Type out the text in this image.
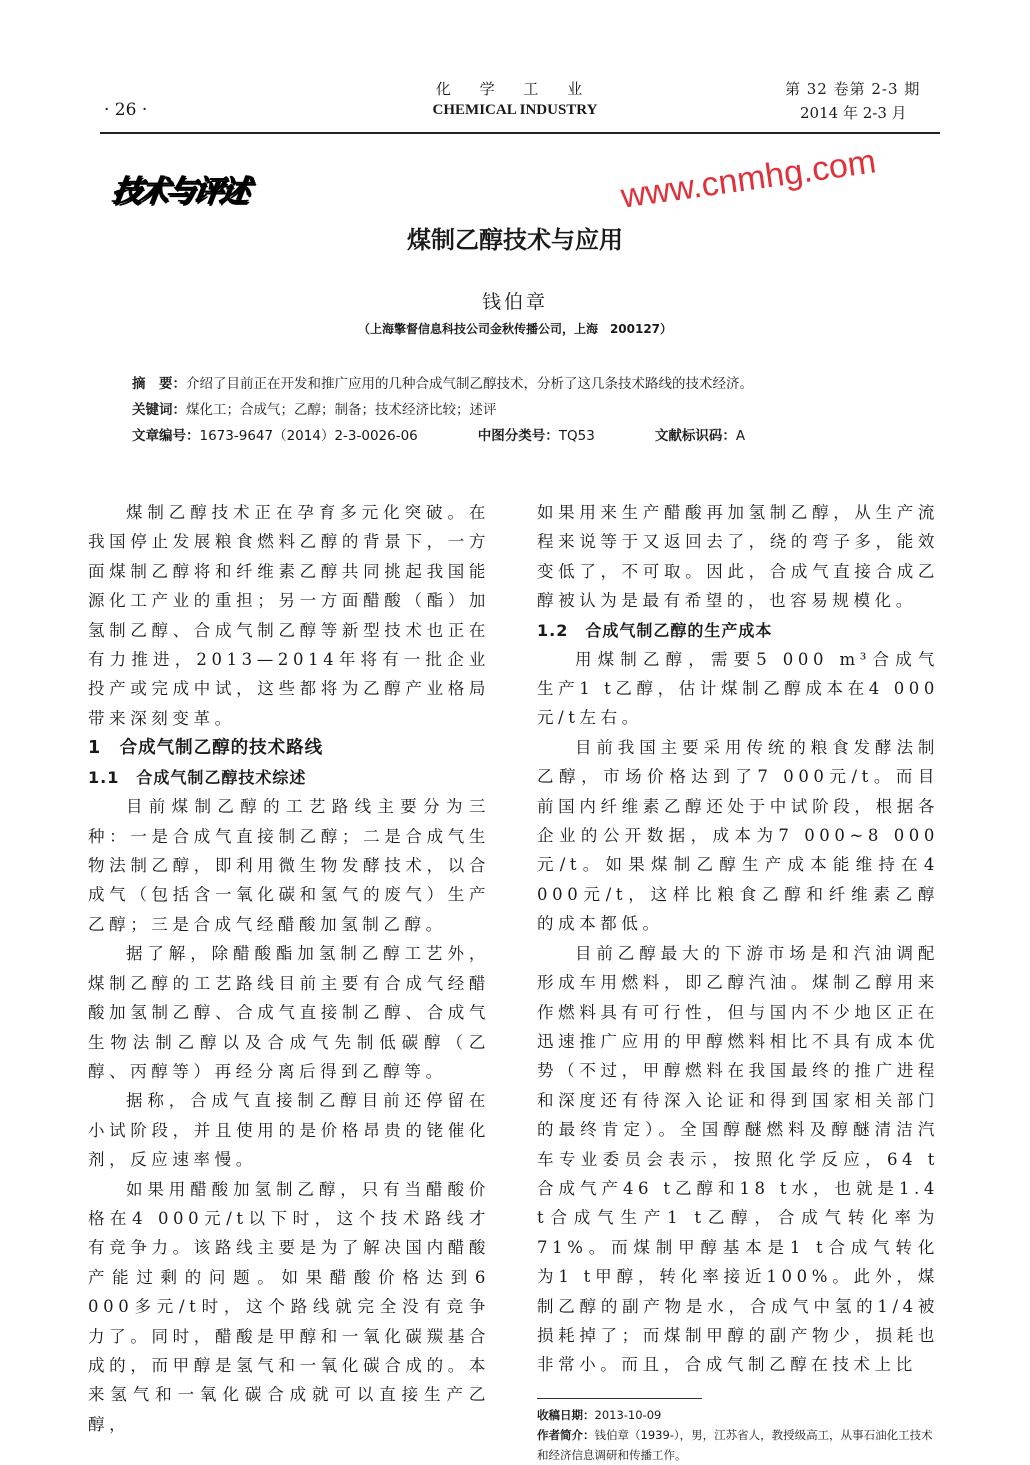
化 学 工 业
CHEMICAL INDUSTRY
· 26 ·
第 32 卷第 2-3 期
2014 年 2-3 月
技术与评述	www.cnmhg.com
煤制乙醇技术与应用
钱伯章
（上海擎督信息科技公司金秋传播公司，上海　200127）
摘　要：介绍了目前正在开发和推广应用的几种合成气制乙醇技术，分析了这几条技术路线的技术经济。
关键词：煤化工；合成气；乙醇；制备；技术经济比较；述评
文章编号：1673-9647（2014）2-3-0026-06	中图分类号：TQ53	文献标识码：A

煤制乙醇技术正在孕育多元化突破。在我国停止发展粮食燃料乙醇的背景下，一方面煤制乙醇将和纤维素乙醇共同挑起我国能源化工产业的重担；另一方面醋酸（酯）加氢制乙醇、合成气制乙醇等新型技术也正在有力推进，2013—2014年将有一批企业投产或完成中试，这些都将为乙醇产业格局带来深刻变革。

1　合成气制乙醇的技术路线
1.1　合成气制乙醇技术综述

目前煤制乙醇的工艺路线主要分为三种：一是合成气直接制乙醇；二是合成气生物法制乙醇，即利用微生物发酵技术，以合成气（包括含一氧化碳和氢气的废气）生产乙醇；三是合成气经醋酸加氢制乙醇。

据了解，除醋酸酯加氢制乙醇工艺外，煤制乙醇的工艺路线目前主要有合成气经醋酸加氢制乙醇、合成气直接制乙醇、合成气生物法制乙醇以及合成气先制低碳醇（乙醇、丙醇等）再经分离后得到乙醇等。

据称，合成气直接制乙醇目前还停留在小试阶段，并且使用的是价格昂贵的铑催化剂，反应速率慢。

如果用醋酸加氢制乙醇，只有当醋酸价格在4 000元/t以下时，这个技术路线才有竞争力。该路线主要是为了解决国内醋酸产能过剩的问题。如果醋酸价格达到6 000多元/t时，这个路线就完全没有竞争力了。同时，醋酸是甲醇和一氧化碳羰基合成的，而甲醇是氢气和一氧化碳合成的。本来氢气和一氧化碳合成就可以直接生产乙醇，

如果用来生产醋酸再加氢制乙醇，从生产流程来说等于又返回去了，绕的弯子多，能效变低了，不可取。因此，合成气直接合成乙醇被认为是最有希望的，也容易规模化。

1.2　合成气制乙醇的生产成本

用煤制乙醇，需要5 000 m³合成气生产1 t乙醇，估计煤制乙醇成本在4 000元/t左右。

目前我国主要采用传统的粮食发酵法制乙醇，市场价格达到了7 000元/t。而目前国内纤维素乙醇还处于中试阶段，根据各企业的公开数据，成本为7 000~8 000元/t。如果煤制乙醇生产成本能维持在4 000元/t，这样比粮食乙醇和纤维素乙醇的成本都低。

目前乙醇最大的下游市场是和汽油调配形成车用燃料，即乙醇汽油。煤制乙醇用来作燃料具有可行性，但与国内不少地区正在迅速推广应用的甲醇燃料相比不具有成本优势（不过，甲醇燃料在我国最终的推广进程和深度还有待深入论证和得到国家相关部门的最终肯定）。全国醇醚燃料及醇醚清洁汽车专业委员会表示，按照化学反应，64 t合成气产46 t乙醇和18 t水，也就是1.4 t合成气生产1 t乙醇，合成气转化率为71%。而煤制甲醇基本是1 t合成气转化为1 t甲醇，转化率接近100%。此外，煤制乙醇的副产物是水，合成气中氢的1/4被损耗掉了；而煤制甲醇的副产物少，损耗也非常小。而且，合成气制乙醇在技术上比

收稿日期：2013-10-09
作者简介：钱伯章（1939-），男，江苏省人，教授级高工，从事石油化工技术和经济信息调研和传播工作。
